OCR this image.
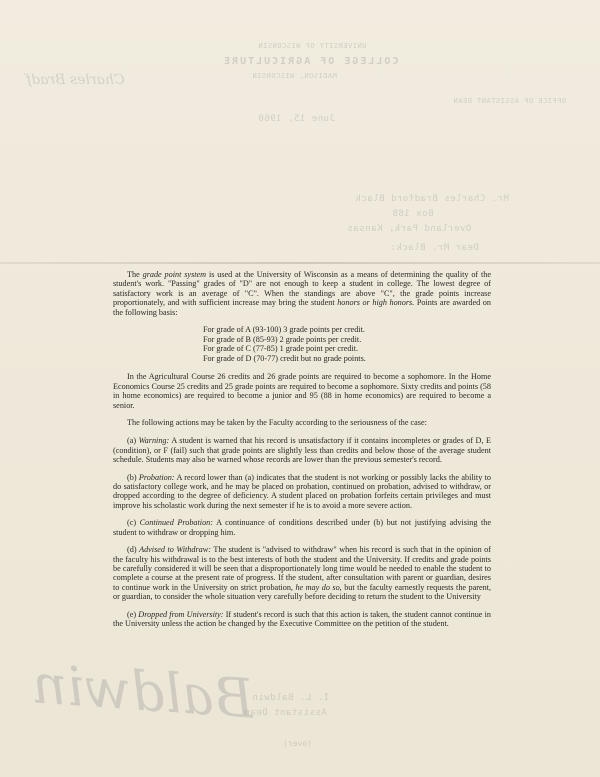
UNIVERSITY OF WISCONSIN
COLLEGE OF AGRICULTURE
MADISON, WISCONSIN
OFFICE OF ASSISTANT DEAN
June 15, 1960
Charles Bradf
Mr. Charles Bradford Black
Box 188
Overland Park, Kansas
Dear Mr. Black:
Baldwin
I. L. Baldwin
Assistant Dean
(over)

The grade point system is used at the University of Wisconsin as a means of determining the quality of the student's work. "Passing" grades of "D" are not enough to keep a student in college. The lowest degree of satisfactory work is an average of "C". When the standings are above "C", the grade points increase proportionately, and with sufficient increase may bring the student honors or high honors. Points are awarded on the following basis:

For grade of A (93-100) 3 grade points per credit.
For grade of B (85-93) 2 grade points per credit.
For grade of C (77-85) 1 grade point per credit.
For grade of D (70-77) credit but no grade points.

In the Agricultural Course 26 credits and 26 grade points are required to become a sophomore. In the Home Economics Course 25 credits and 25 grade points are required to become a sophomore. Sixty credits and points (58 in home economics) are required to become a junior and 95 (88 in home economics) are required to become a senior.

The following actions may be taken by the Faculty according to the seriousness of the case:

(a) Warning: A student is warned that his record is unsatisfactory if it contains incompletes or grades of D, E (condition), or F (fail) such that grade points are slightly less than credits and below those of the average student schedule. Students may also be warned whose records are lower than the previous semester's record.

(b) Probation: A record lower than (a) indicates that the student is not working or possibly lacks the ability to do satisfactory college work, and he may be placed on probation, continued on probation, advised to withdraw, or dropped according to the degree of deficiency. A student placed on probation forfeits certain privileges and must improve his scholastic work during the next semester if he is to avoid a more severe action.

(c) Continued Probation: A continuance of conditions described under (b) but not justifying advising the student to withdraw or dropping him.

(d) Advised to Withdraw: The student is "advised to withdraw" when his record is such that in the opinion of the faculty his withdrawal is to the best interests of both the student and the University. If credits and grade points be carefully considered it will be seen that a disproportionately long time would be needed to enable the student to complete a course at the present rate of progress. If the student, after consultation with parent or guardian, desires to continue work in the University on strict probation, he may do so, but the faculty earnestly requests the parent, or guardian, to consider the whole situation very carefully before deciding to return the student to the University

(e) Dropped from University: If student's record is such that this action is taken, the student cannot continue in the University unless the action be changed by the Executive Committee on the petition of the student.
